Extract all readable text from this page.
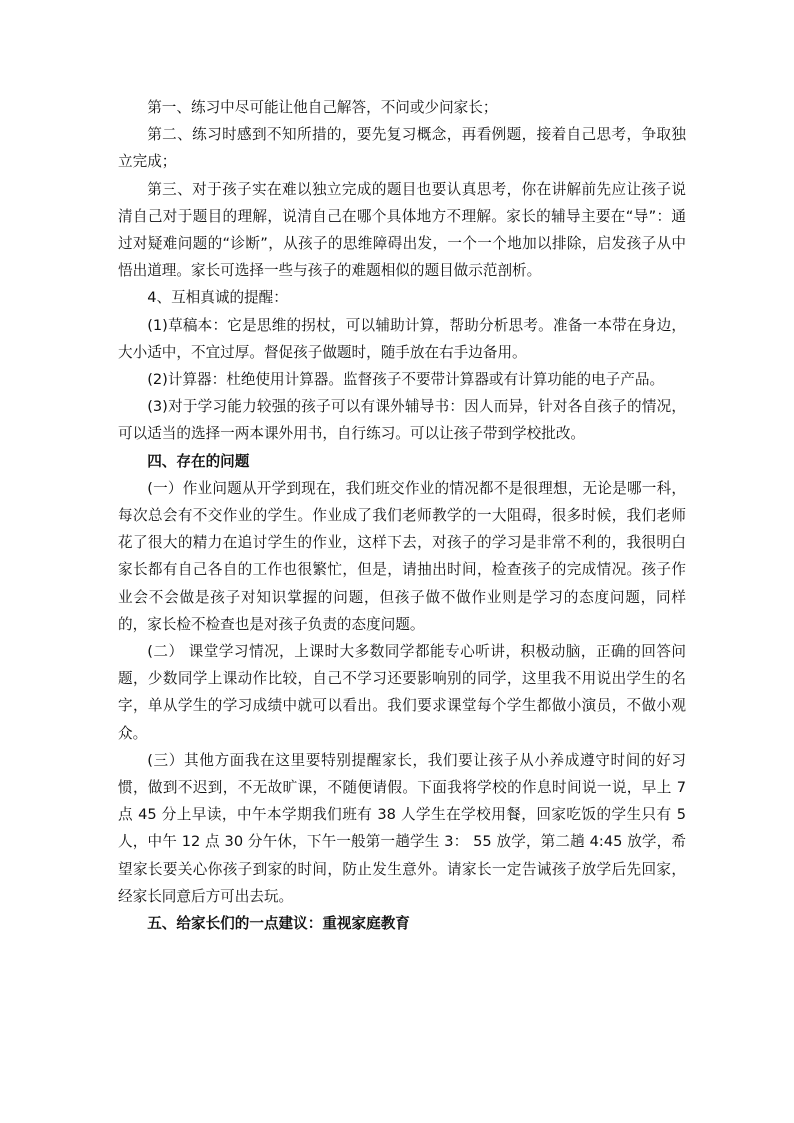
第一、练习中尽可能让他自己解答，不问或少问家长；

第二、练习时感到不知所措的，要先复习概念，再看例题，接着自己思考，争取独立完成；

第三、对于孩子实在难以独立完成的题目也要认真思考，你在讲解前先应让孩子说清自己对于题目的理解，说清自己在哪个具体地方不理解。家长的辅导主要在“导”：通过对疑难问题的“诊断”，从孩子的思维障碍出发，一个一个地加以排除，启发孩子从中悟出道理。家长可选择一些与孩子的难题相似的题目做示范剖析。

4、互相真诚的提醒：

(1)草稿本：它是思维的拐杖，可以辅助计算，帮助分析思考。准备一本带在身边，大小适中，不宜过厚。督促孩子做题时，随手放在右手边备用。

(2)计算器：杜绝使用计算器。监督孩子不要带计算器或有计算功能的电子产品。

(3)对于学习能力较强的孩子可以有课外辅导书：因人而异，针对各自孩子的情况，可以适当的选择一两本课外用书，自行练习。可以让孩子带到学校批改。

四、存在的问题

(一）作业问题从开学到现在，我们班交作业的情况都不是很理想，无论是哪一科，每次总会有不交作业的学生。作业成了我们老师教学的一大阻碍，很多时候，我们老师花了很大的精力在追讨学生的作业，这样下去，对孩子的学习是非常不利的，我很明白家长都有自己各自的工作也很繁忙，但是，请抽出时间，检查孩子的完成情况。孩子作业会不会做是孩子对知识掌握的问题，但孩子做不做作业则是学习的态度问题，同样的，家长检不检查也是对孩子负责的态度问题。

(二） 课堂学习情况，上课时大多数同学都能专心听讲，积极动脑，正确的回答问题，少数同学上课动作比较，自己不学习还要影响别的同学，这里我不用说出学生的名字，单从学生的学习成绩中就可以看出。我们要求课堂每个学生都做小演员，不做小观众。

(三）其他方面我在这里要特别提醒家长，我们要让孩子从小养成遵守时间的好习惯，做到不迟到，不无故旷课，不随便请假。下面我将学校的作息时间说一说，早上 7 点 45 分上早读，中午本学期我们班有 38 人学生在学校用餐，回家吃饭的学生只有 5 人，中午 12 点 30 分午休，下午一般第一趟学生 3： 55 放学，第二趟 4:45 放学，希望家长要关心你孩子到家的时间，防止发生意外。请家长一定告诫孩子放学后先回家，经家长同意后方可出去玩。

五、给家长们的一点建议：重视家庭教育
